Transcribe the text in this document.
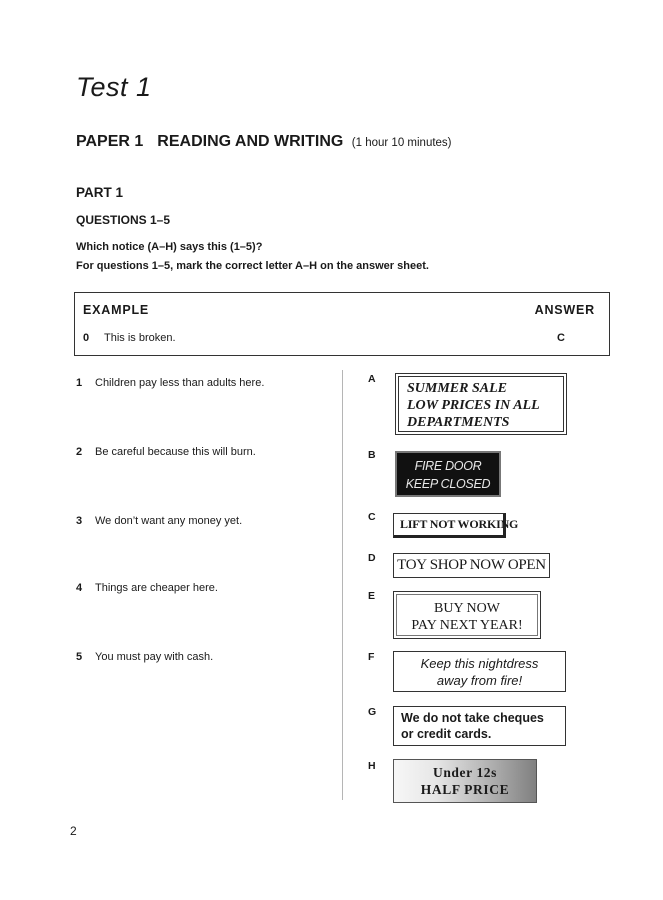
Test 1
PAPER 1 READING AND WRITING (1 hour 10 minutes)
PART 1
QUESTIONS 1–5
Which notice (A–H) says this (1–5)?
For questions 1–5, mark the correct letter A–H on the answer sheet.
EXAMPLE	ANSWER
0 This is broken.	C
1 Children pay less than adults here.
2 Be careful because this will burn.
3 We don’t want any money yet.
4 Things are cheaper here.
5 You must pay with cash.
A
B
C
D
E
F
G
H
SUMMER SALE
LOW PRICES IN ALL
DEPARTMENTS
FIRE DOOR
KEEP CLOSED
LIFT NOT WORKING
TOY SHOP NOW OPEN
BUY NOW
PAY NEXT YEAR!
Keep this nightdress
away from fire!
We do not take cheques
or credit cards.
Under 12s
HALF PRICE
2
